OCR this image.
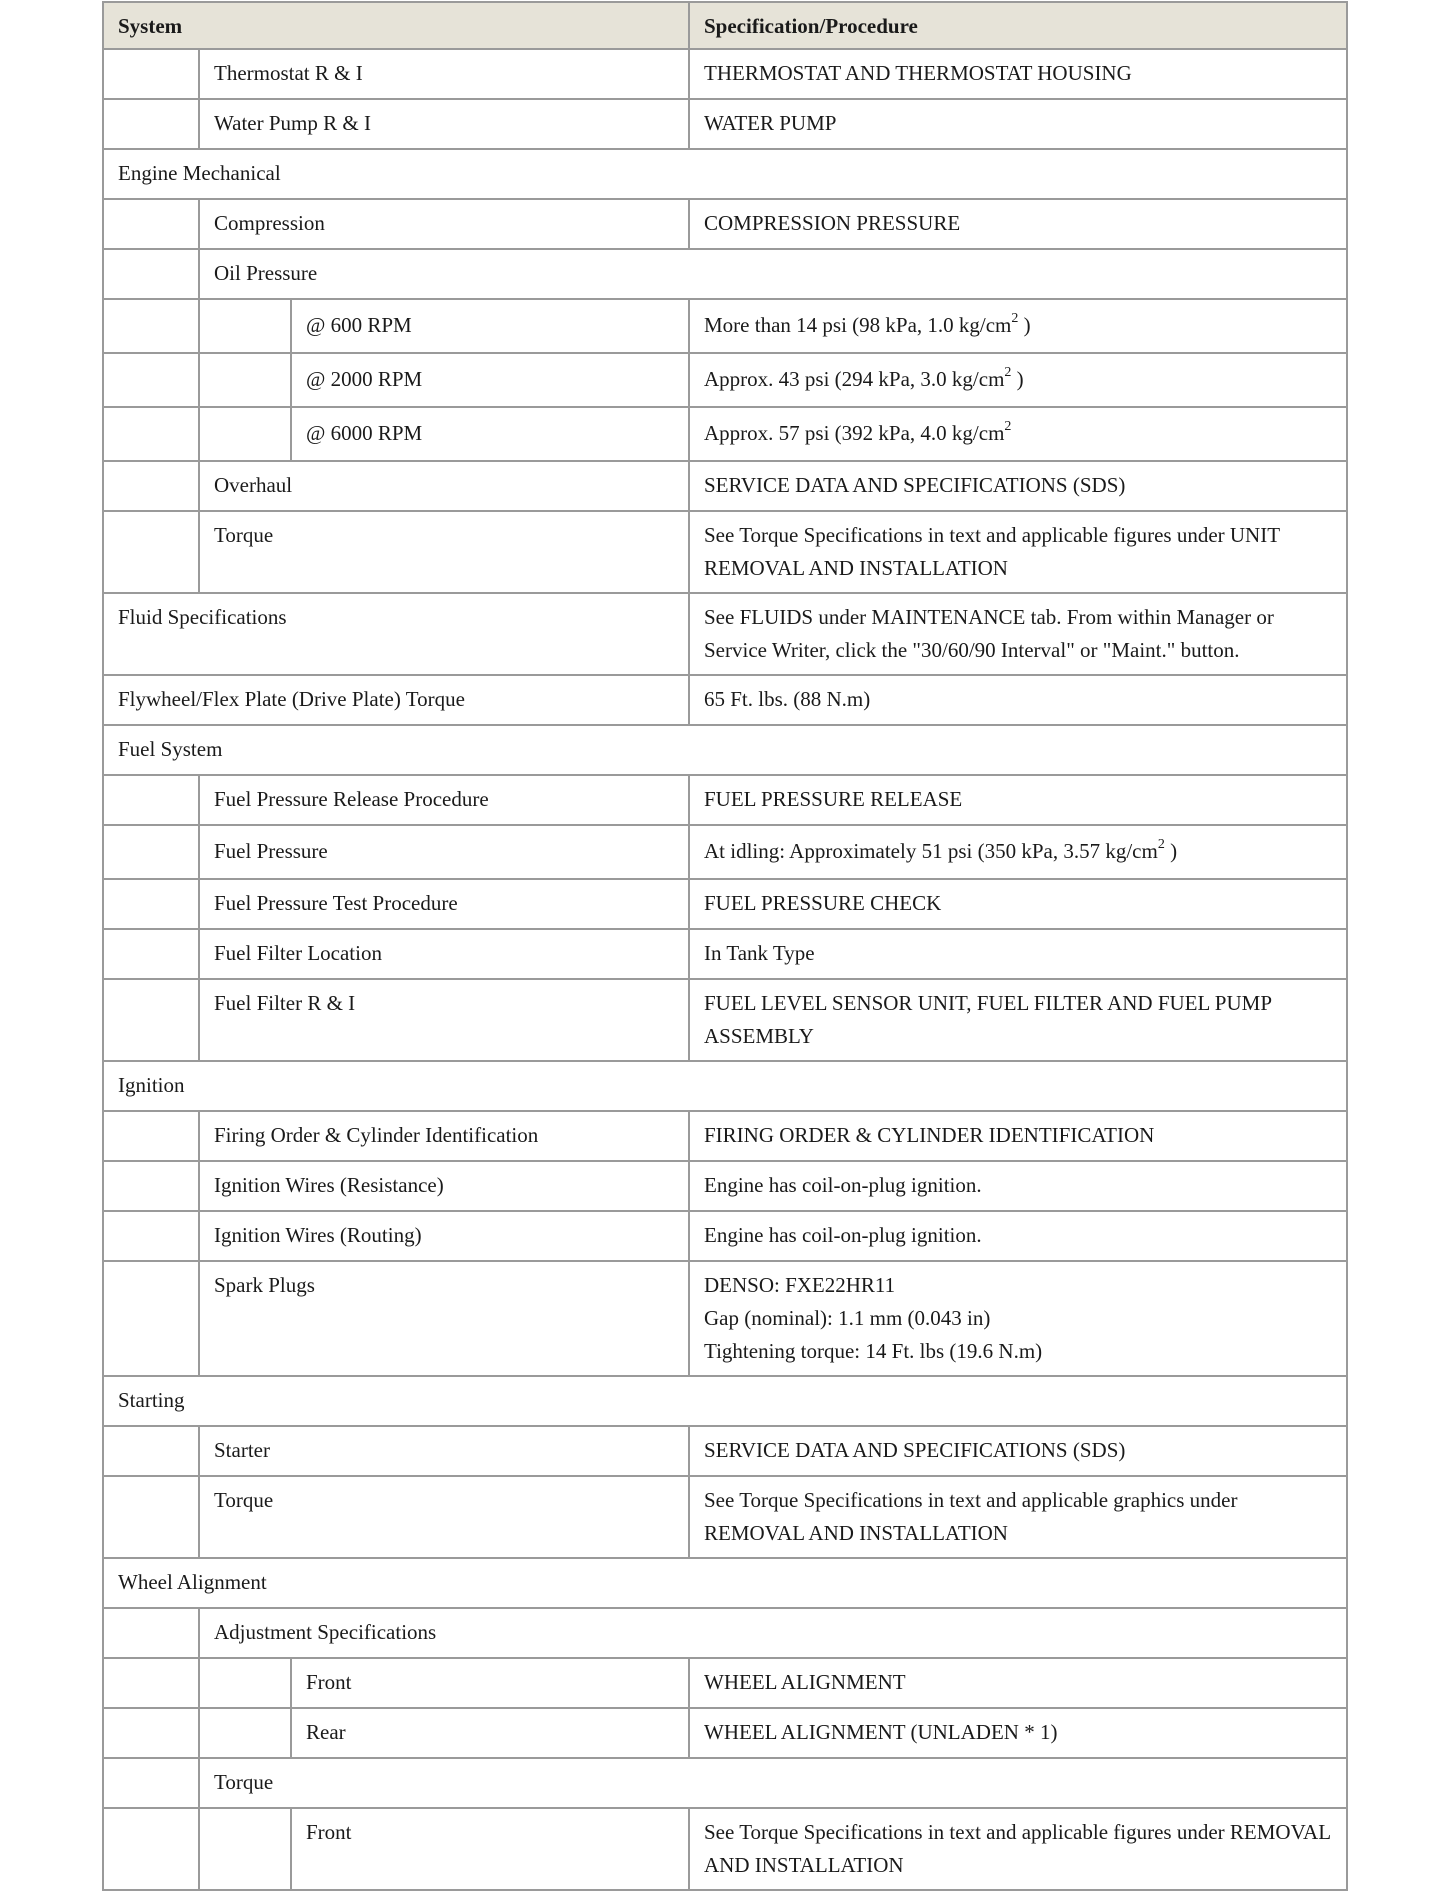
System			Specification/Procedure
	Thermostat R & I		THERMOSTAT AND THERMOSTAT HOUSING
	Water Pump R & I		WATER PUMP
Engine Mechanical			
	Compression		COMPRESSION PRESSURE
	Oil Pressure		
		@ 600 RPM	More than 14 psi (98 kPa, 1.0 $kg/cm^2$ )
		@ 2000 RPM	Approx. 43 psi (294 kPa, 3.0 $kg/cm^2$ )
		@ 6000 RPM	Approx. 57 psi (392 kPa, 4.0 $kg/cm^2$
	Overhaul		SERVICE DATA AND SPECIFICATIONS (SDS)
	Torque		See Torque Specifications in text and applicable figures under UNIT REMOVAL AND INSTALLATION
Fluid Specifications			See FLUIDS under MAINTENANCE tab. From within Manager or Service Writer, click the "30/60/90 Interval" or "Maint." button.
Flywheel/Flex Plate (Drive Plate) Torque			65 Ft. lbs. (88 N.m)
Fuel System			
	Fuel Pressure Release Procedure		FUEL PRESSURE RELEASE
	Fuel Pressure		At idling: Approximately 51 psi (350 kPa, 3.57 $kg/cm^2$ )
	Fuel Pressure Test Procedure		FUEL PRESSURE CHECK
	Fuel Filter Location		In Tank Type
	Fuel Filter R & I		FUEL LEVEL SENSOR UNIT, FUEL FILTER AND FUEL PUMP ASSEMBLY
Ignition			
	Firing Order & Cylinder Identification		FIRING ORDER & CYLINDER IDENTIFICATION
	Ignition Wires (Resistance)		Engine has coil-on-plug ignition.
	Ignition Wires (Routing)		Engine has coil-on-plug ignition.
	Spark Plugs		DENSO: FXE22HR11
Gap (nominal): 1.1 mm (0.043 in)
Tightening torque: 14 Ft. lbs (19.6 N.m)

Starting			
	Starter		SERVICE DATA AND SPECIFICATIONS (SDS)
	Torque		See Torque Specifications in text and applicable graphics under REMOVAL AND INSTALLATION
Wheel Alignment			
	Adjustment Specifications		
		Front	WHEEL ALIGNMENT
		Rear	WHEEL ALIGNMENT (UNLADEN * 1)
	Torque		
		Front	See Torque Specifications in text and applicable figures under REMOVAL AND INSTALLATION
